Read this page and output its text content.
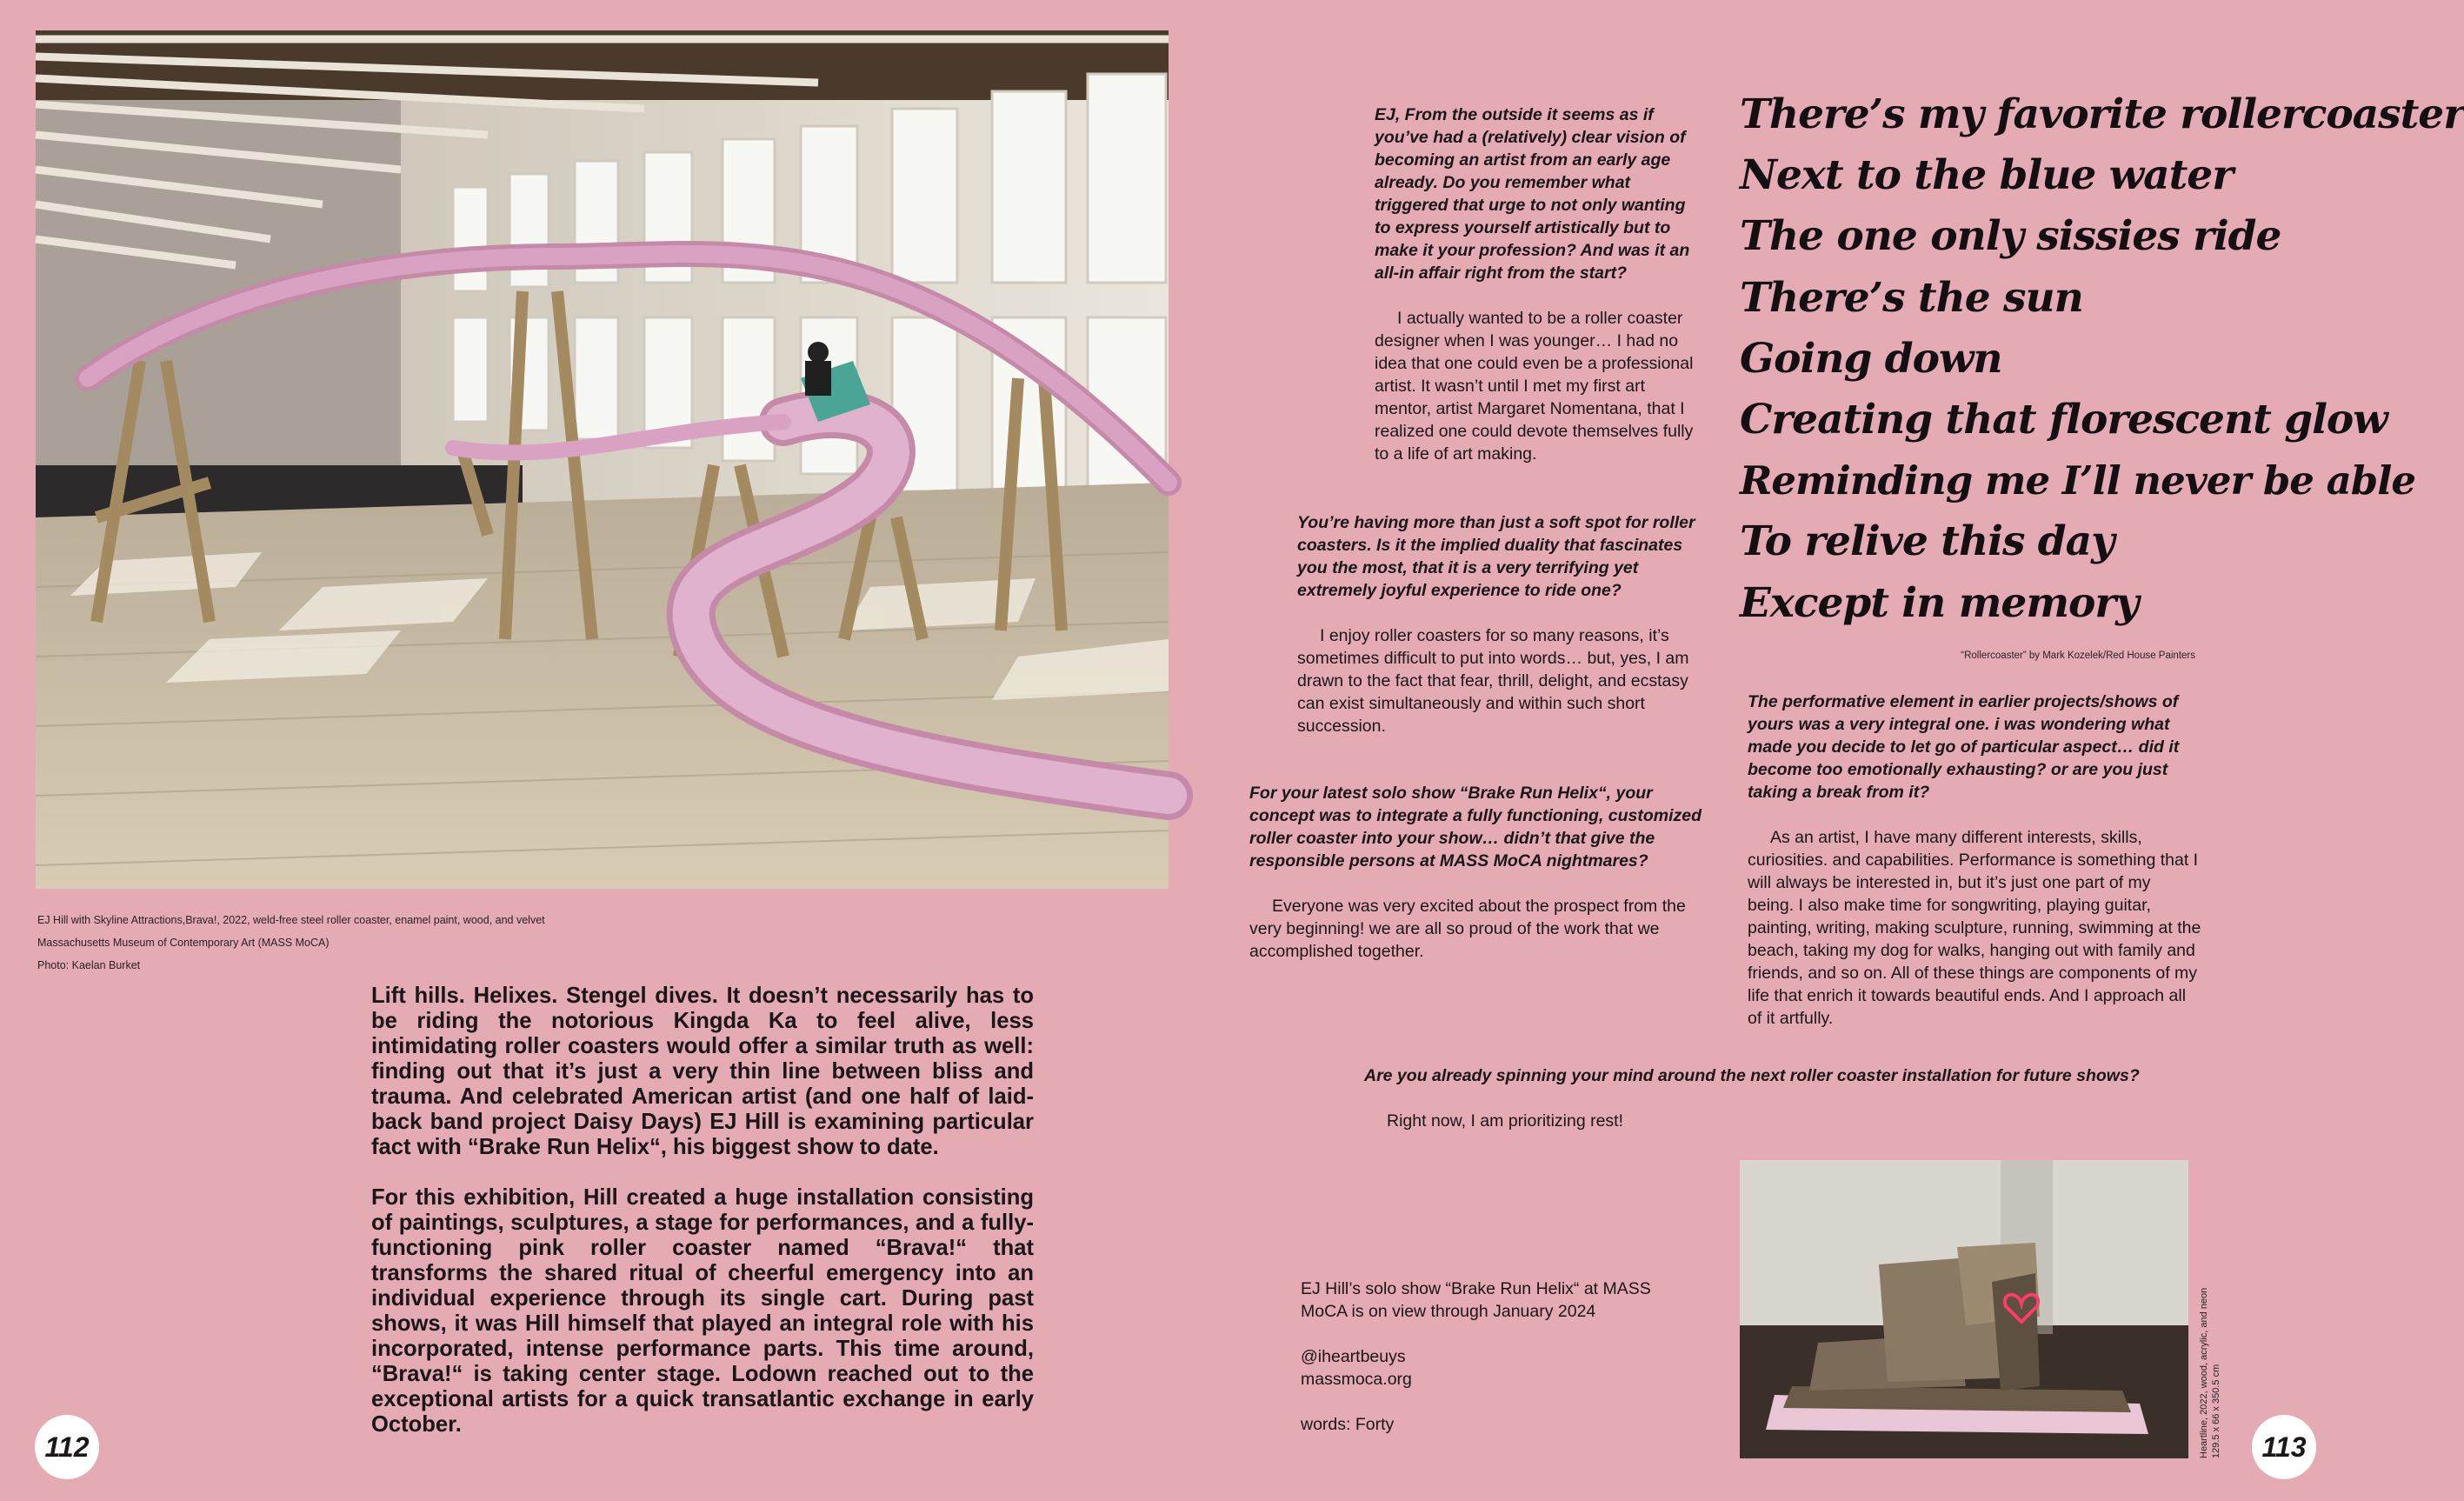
EJ Hill with Skyline Attractions,Brava!, 2022, weld-free steel roller coaster, enamel paint, wood, and velvet
Massachusetts Museum of Contemporary Art (MASS MoCA)
Photo: Kaelan Burket

Lift hills. Helixes. Stengel dives. It doesn’t necessarily has to be riding the notorious Kingda Ka to feel alive, less intimidating roller coasters would offer a similar truth as well: finding out that it’s just a very thin line between bliss and trauma. And celebrated American artist (and one half of laid-back band project Daisy Days) EJ Hill is examining particular fact with “Brake Run Helix“, his biggest show to date.

For this exhibition, Hill created a huge installation consisting of paintings, sculptures, a stage for performances, and a fully-functioning pink roller coaster named “Brava!“ that transforms the shared ritual of cheerful emergency into an individual experience through its single cart. During past shows, it was Hill himself that played an integral role with his incorporated, intense performance parts. This time around, “Brava!“ is taking center stage. Lodown reached out to the exceptional artists for a quick transatlantic exchange in early October.

112

EJ, From the outside it seems as if you’ve had a (relatively) clear vision of becoming an artist from an early age already. Do you remember what triggered that urge to not only wanting to express yourself artistically but to make it your profession? And was it an all-in affair right from the start?

I actually wanted to be a roller coaster designer when I was younger… I had no idea that one could even be a professional artist. It wasn’t until I met my first art mentor, artist Margaret Nomentana, that I realized one could devote themselves fully to a life of art making.

You’re having more than just a soft spot for roller coasters. Is it the implied duality that fascinates you the most, that it is a very terrifying yet extremely joyful experience to ride one?

I enjoy roller coasters for so many reasons, it’s sometimes difficult to put into words… but, yes, I am drawn to the fact that fear, thrill, delight, and ecstasy can exist simultaneously and within such short succession.

For your latest solo show “Brake Run Helix“, your concept was to integrate a fully functioning, customized roller coaster into your show… didn’t that give the responsible persons at MASS MoCA nightmares?

Everyone was very excited about the prospect from the very beginning! we are all so proud of the work that we accomplished together.

There’s my favorite rollercoaster
Next to the blue water
The one only sissies ride
There’s the sun
Going down
Creating that florescent glow
Reminding me I’ll never be able
To relive this day
Except in memory
“Rollercoaster” by Mark Kozelek/Red House Painters

The performative element in earlier projects/shows of yours was a very integral one. i was wondering what made you decide to let go of particular aspect… did it become too emotionally exhausting? or are you just taking a break from it?

As an artist, I have many different interests, skills, curiosities. and capabilities. Performance is something that I will always be interested in, but it’s just one part of my being. I also make time for songwriting, playing guitar, painting, writing, making sculpture, running, swimming at the beach, taking my dog for walks, hanging out with family and friends, and so on. All of these things are components of my life that enrich it towards beautiful ends. And I approach all of it artfully.

Are you already spinning your mind around the next roller coaster installation for future shows?

Right now, I am prioritizing rest!

EJ Hill’s solo show “Brake Run Helix“ at MASS MoCA is on view through January 2024

@iheartbeuys

massmoca.org

words: Forty	Heartline, 2022, wood, acrylic, and neon 129.5 x 66 x 350.5 cm	113
